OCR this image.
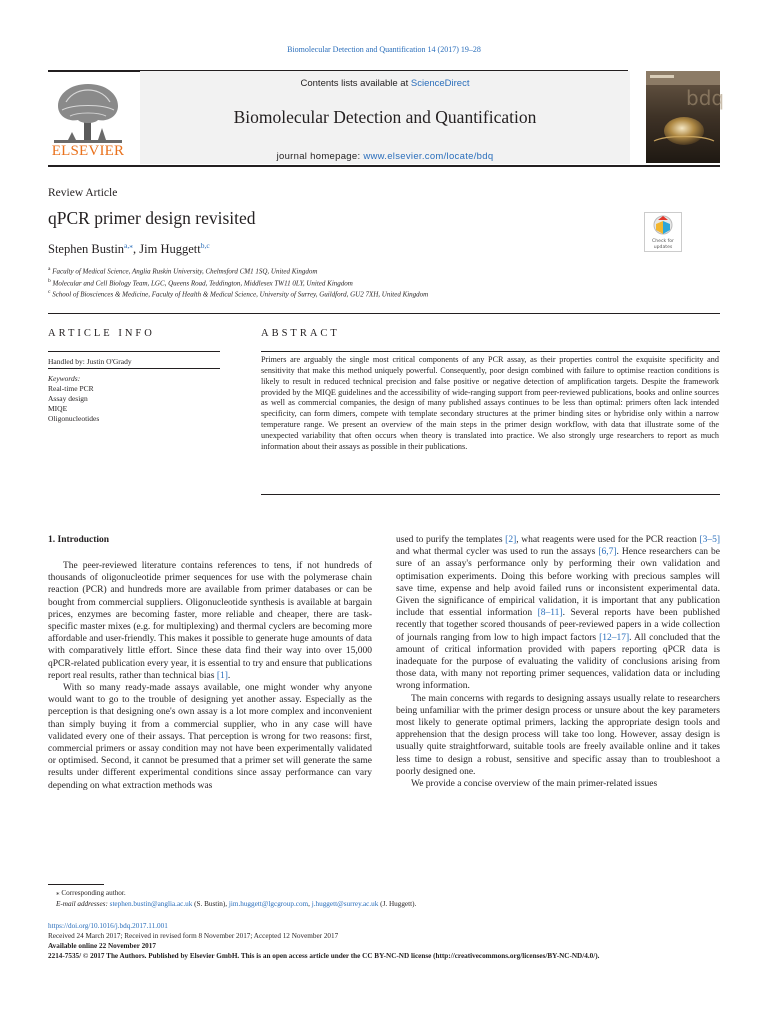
Biomolecular Detection and Quantification 14 (2017) 19–28
ELSEVIER
Contents lists available at ScienceDirect
Biomolecular Detection and Quantification
journal homepage: www.elsevier.com/locate/bdq
bdq
Review Article
qPCR primer design revisited
Check for
updates
Stephen Bustin$^{a,⁎}$, Jim Huggett$^{b,c}$
$^a$ Faculty of Medical Science, Anglia Ruskin University, Chelmsford CM1 1SQ, United Kingdom
$^b$ Molecular and Cell Biology Team, LGC, Queens Road, Teddington, Middlesex TW11 0LY, United Kingdom
$^c$ School of Biosciences & Medicine, Faculty of Health & Medical Science, University of Surrey, Guildford, GU2 7XH, United Kingdom
ARTICLE INFO	ABSTRACT
Handled by: Justin O'Grady
Keywords:
Real-time PCR
Assay design
MIQE
Oligonucleotides
Primers are arguably the single most critical components of any PCR assay, as their properties control the exquisite specificity and sensitivity that make this method uniquely powerful. Consequently, poor design combined with failure to optimise reaction conditions is likely to result in reduced technical precision and false positive or negative detection of amplification targets. Despite the framework provided by the MIQE guidelines and the accessibility of wide-ranging support from peer-reviewed publications, books and online sources as well as commercial companies, the design of many published assays continues to be less than optimal: primers often lack intended specificity, can form dimers, compete with template secondary structures at the primer binding sites or hybridise only within a narrow temperature range. We present an overview of the main steps in the primer design workflow, with data that illustrate some of the unexpected variability that often occurs when theory is translated into practice. We also strongly urge researchers to report as much information about their assays as possible in their publications.
1. Introduction

The peer-reviewed literature contains references to tens, if not hundreds of thousands of oligonucleotide primer sequences for use with the polymerase chain reaction (PCR) and hundreds more are available from primer databases or can be bought from commercial suppliers. Oligonucleotide synthesis is available at bargain prices, enzymes are becoming faster, more reliable and cheaper, there are task-specific master mixes (e.g. for multiplexing) and thermal cyclers are becoming more affordable and user-friendly. This makes it possible to generate huge amounts of data with comparatively little effort. Since these data find their way into over 15,000 qPCR-related publication every year, it is essential to try and ensure that publications report real results, rather than technical bias [1].

With so many ready-made assays available, one might wonder why anyone would want to go to the trouble of designing yet another assay. Especially as the perception is that designing one's own assay is a lot more complex and inconvenient than simply buying it from a commercial supplier, who in any case will have validated every one of their assays. That perception is wrong for two reasons: first, commercial primers or assay condition may not have been experimentally validated or optimised. Second, it cannot be presumed that a primer set will generate the same results under different experimental conditions since assay performance can vary depending on what extraction methods was

used to purify the templates [2], what reagents were used for the PCR reaction [3–5] and what thermal cycler was used to run the assays [6,7]. Hence researchers can be sure of an assay's performance only by performing their own validation and optimisation experiments. Doing this before working with precious samples will save time, expense and help avoid failed runs or inconsistent experimental data. Given the significance of empirical validation, it is important that any publication include that essential information [8–11]. Several reports have been published recently that together scored thousands of peer-reviewed papers in a wide collection of journals ranging from low to high impact factors [12–17]. All concluded that the amount of critical information provided with papers reporting qPCR data is inadequate for the purpose of evaluating the validity of conclusions arising from those data, with many not reporting primer sequences, validation data or including wrong information.

The main concerns with regards to designing assays usually relate to researchers being unfamiliar with the primer design process or unsure about the key parameters most likely to generate optimal primers, lacking the appropriate design tools and apprehension that the design process will take too long. However, assay design is usually quite straightforward, suitable tools are freely available online and it takes less time to design a robust, sensitive and specific assay than to troubleshoot a poorly designed one.

We provide a concise overview of the main primer-related issues

⁎ Corresponding author.
E-mail addresses: stephen.bustin@anglia.ac.uk (S. Bustin), jim.huggett@lgcgroup.com, j.huggett@surrey.ac.uk (J. Huggett).
https://doi.org/10.1016/j.bdq.2017.11.001
Received 24 March 2017; Received in revised form 8 November 2017; Accepted 12 November 2017
Available online 22 November 2017
2214-7535/ © 2017 The Authors. Published by Elsevier GmbH. This is an open access article under the CC BY-NC-ND license (http://creativecommons.org/licenses/BY-NC-ND/4.0/).
